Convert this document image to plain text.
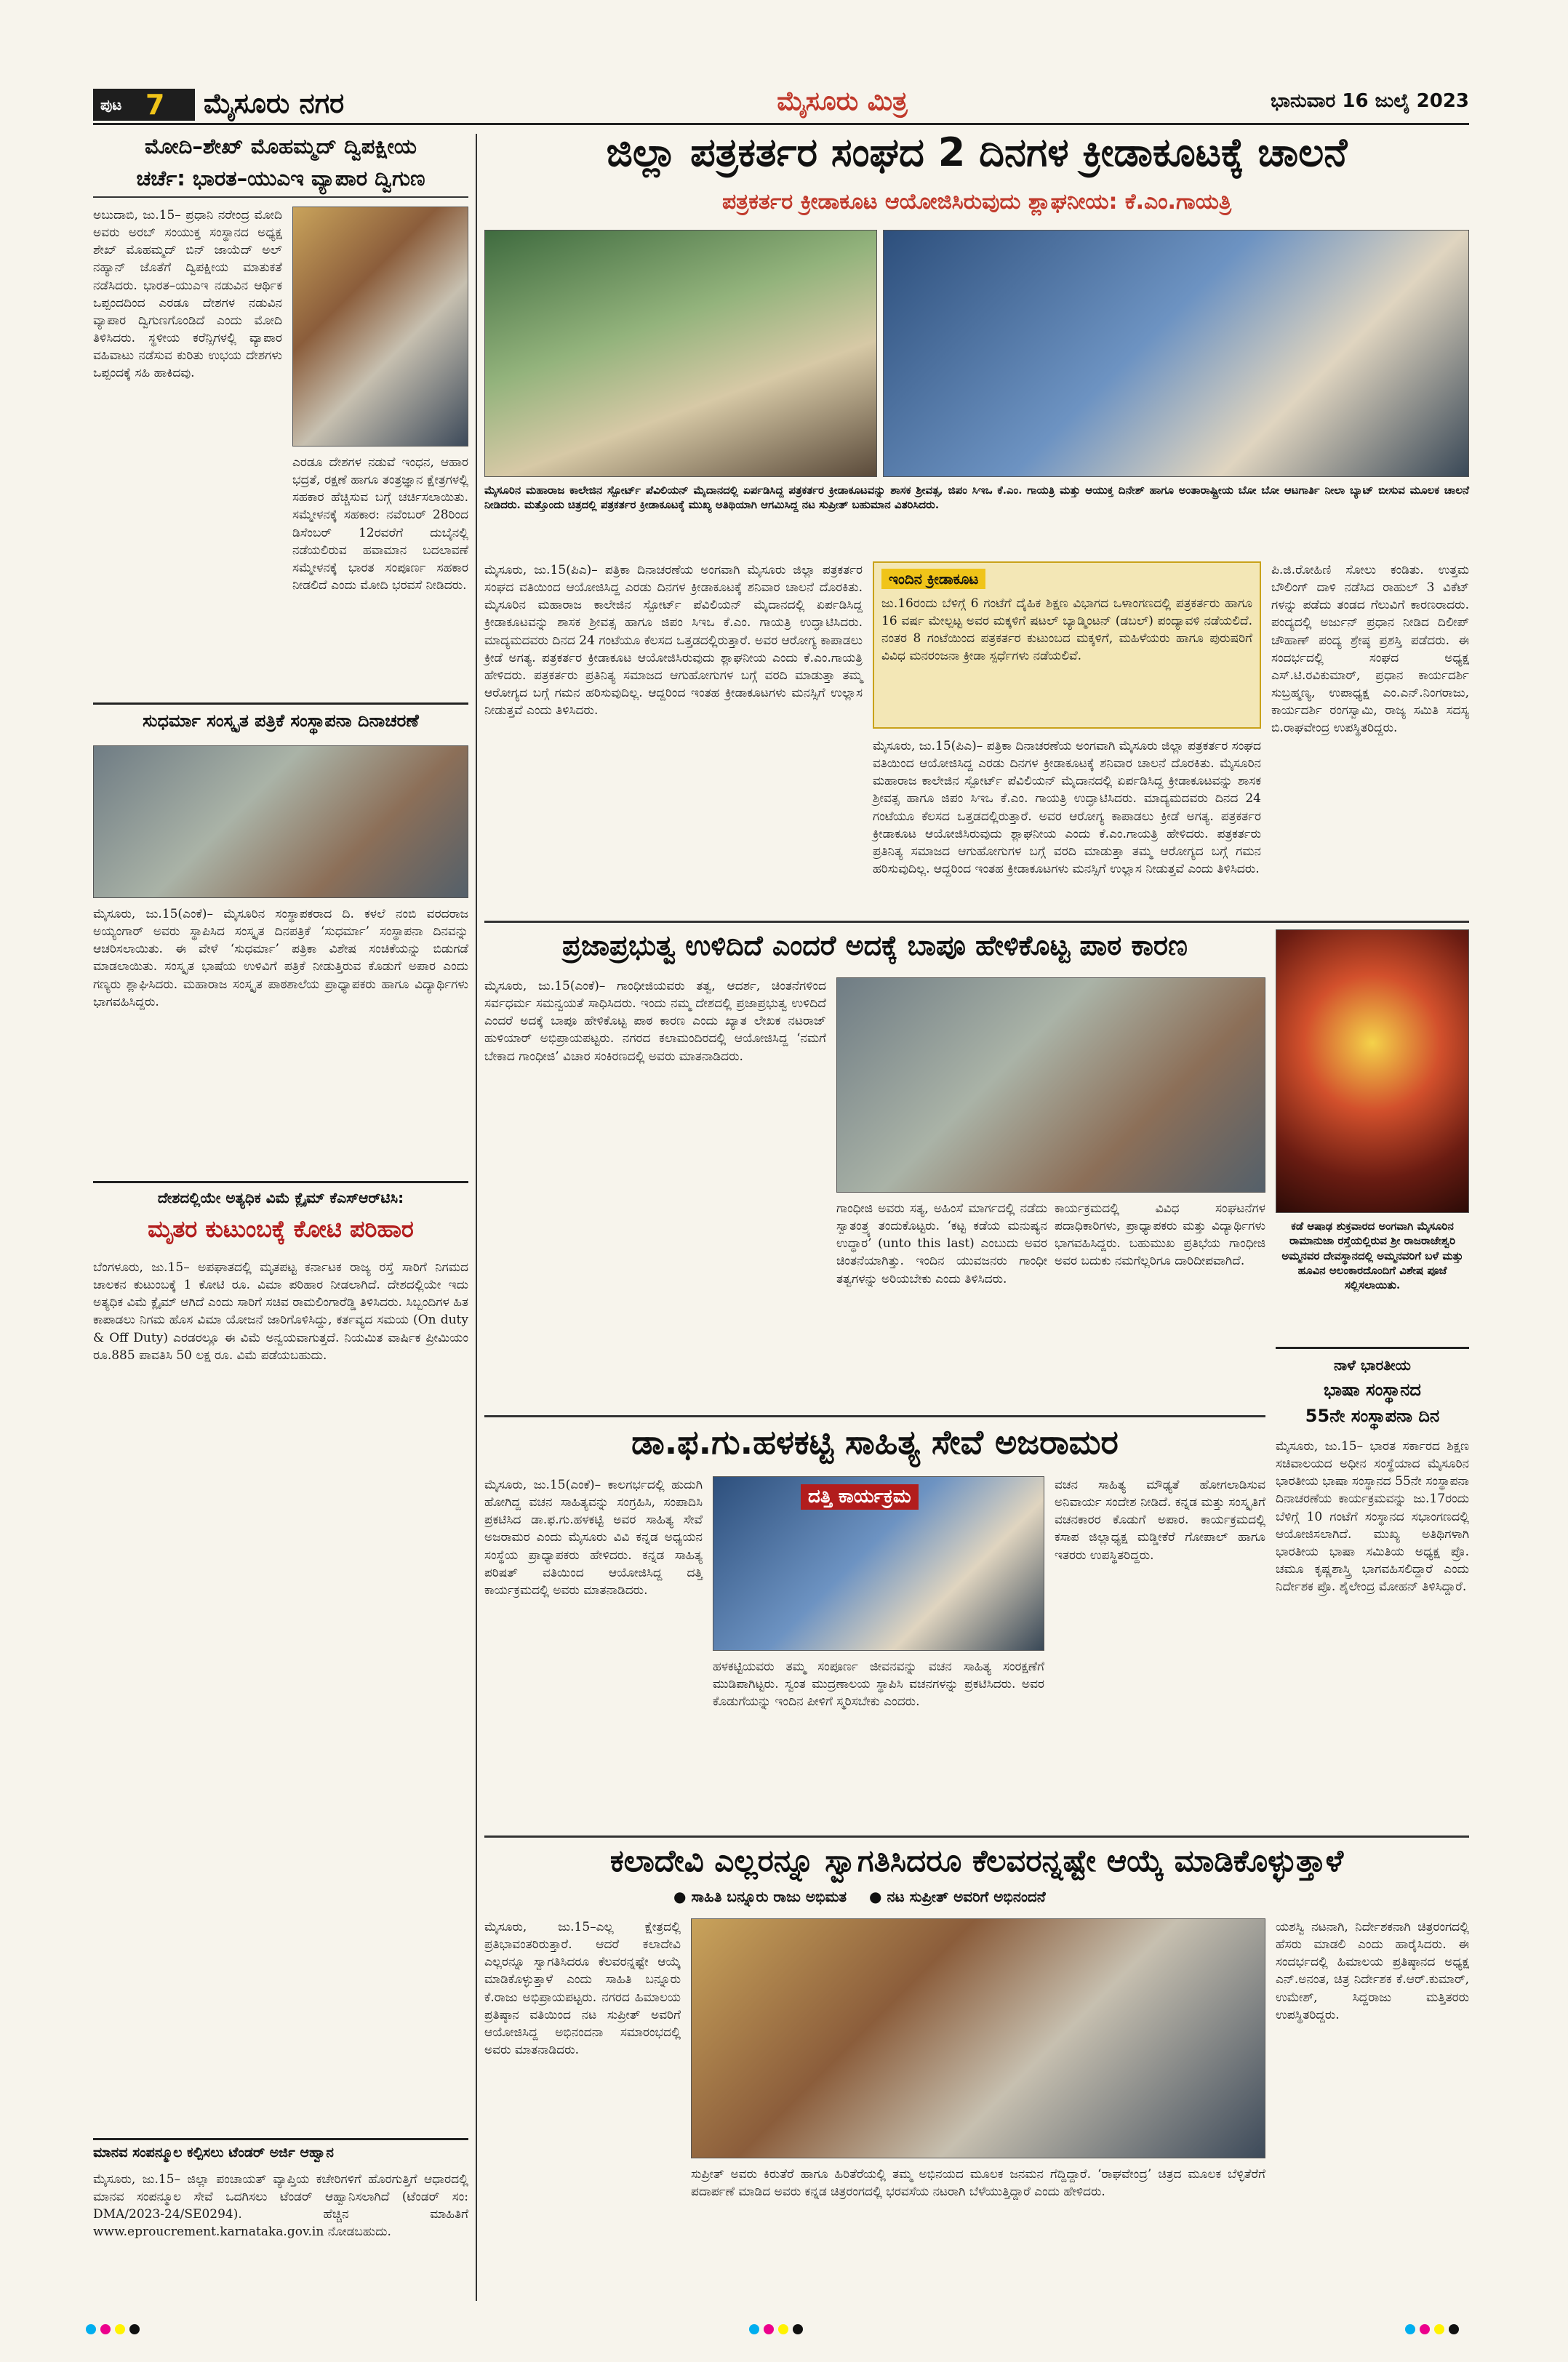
ಪುಟ 7 ಮೈಸೂರು ನಗರ	ಮೈಸೂರು ಮಿತ್ರ	ಭಾನುವಾರ 16 ಜುಲೈ 2023
ಮೋದಿ–ಶೇಖ್ ಮೊಹಮ್ಮದ್ ದ್ವಿಪಕ್ಷೀಯ
ಚರ್ಚೆ: ಭಾರತ–ಯುಎಇ ವ್ಯಾಪಾರ ದ್ವಿಗುಣ
ಅಬುದಾಬಿ, ಜು.15– ಪ್ರಧಾನಿ ನರೇಂದ್ರ ಮೋದಿ ಅವರು ಅರಬ್ ಸಂಯುಕ್ತ ಸಂಸ್ಥಾನದ ಅಧ್ಯಕ್ಷ ಶೇಖ್ ಮೊಹಮ್ಮದ್ ಬಿನ್ ಜಾಯೆದ್ ಅಲ್ ನಹ್ಯಾನ್ ಜೊತೆಗೆ ದ್ವಿಪಕ್ಷೀಯ ಮಾತುಕತೆ ನಡೆಸಿದರು. ಭಾರತ–ಯುಎಇ ನಡುವಿನ ಆರ್ಥಿಕ ಒಪ್ಪಂದದಿಂದ ಎರಡೂ ದೇಶಗಳ ನಡುವಿನ ವ್ಯಾಪಾರ ದ್ವಿಗುಣಗೊಂಡಿದೆ ಎಂದು ಮೋದಿ ತಿಳಿಸಿದರು. ಸ್ಥಳೀಯ ಕರೆನ್ಸಿಗಳಲ್ಲಿ ವ್ಯಾಪಾರ ವಹಿವಾಟು ನಡೆಸುವ ಕುರಿತು ಉಭಯ ದೇಶಗಳು ಒಪ್ಪಂದಕ್ಕೆ ಸಹಿ ಹಾಕಿದವು.
ಎರಡೂ ದೇಶಗಳ ನಡುವೆ ಇಂಧನ, ಆಹಾರ ಭದ್ರತೆ, ರಕ್ಷಣೆ ಹಾಗೂ ತಂತ್ರಜ್ಞಾನ ಕ್ಷೇತ್ರಗಳಲ್ಲಿ ಸಹಕಾರ ಹೆಚ್ಚಿಸುವ ಬಗ್ಗೆ ಚರ್ಚಿಸಲಾಯಿತು. ಸಮ್ಮೇಳನಕ್ಕೆ ಸಹಕಾರ: ನವೆಂಬರ್ 28ರಿಂದ ಡಿಸೆಂಬರ್ 12ರವರೆಗೆ ದುಬೈನಲ್ಲಿ ನಡೆಯಲಿರುವ ಹವಾಮಾನ ಬದಲಾವಣೆ ಸಮ್ಮೇಳನಕ್ಕೆ ಭಾರತ ಸಂಪೂರ್ಣ ಸಹಕಾರ ನೀಡಲಿದೆ ಎಂದು ಮೋದಿ ಭರವಸೆ ನೀಡಿದರು.
ಸುಧರ್ಮಾ ಸಂಸ್ಕೃತ ಪತ್ರಿಕೆ ಸಂಸ್ಥಾಪನಾ ದಿನಾಚರಣೆ
ಮೈಸೂರು, ಜು.15(ಎಂಕೆ)– ಮೈಸೂರಿನ ಸಂಸ್ಥಾಪಕರಾದ ದಿ. ಕಳಲೆ ನಂಬಿ ವರದರಾಜ ಅಯ್ಯಂಗಾರ್ ಅವರು ಸ್ಥಾಪಿಸಿದ ಸಂಸ್ಕೃತ ದಿನಪತ್ರಿಕೆ ‘ಸುಧರ್ಮಾ’ ಸಂಸ್ಥಾಪನಾ ದಿನವನ್ನು ಆಚರಿಸಲಾಯಿತು. ಈ ವೇಳೆ ‘ಸುಧರ್ಮಾ’ ಪತ್ರಿಕಾ ವಿಶೇಷ ಸಂಚಿಕೆಯನ್ನು ಬಿಡುಗಡೆ ಮಾಡಲಾಯಿತು. ಸಂಸ್ಕೃತ ಭಾಷೆಯ ಉಳಿವಿಗೆ ಪತ್ರಿಕೆ ನೀಡುತ್ತಿರುವ ಕೊಡುಗೆ ಅಪಾರ ಎಂದು ಗಣ್ಯರು ಶ್ಲಾಘಿಸಿದರು. ಮಹಾರಾಜ ಸಂಸ್ಕೃತ ಪಾಠಶಾಲೆಯ ಪ್ರಾಧ್ಯಾಪಕರು ಹಾಗೂ ವಿದ್ಯಾರ್ಥಿಗಳು ಭಾಗವಹಿಸಿದ್ದರು.
ದೇಶದಲ್ಲಿಯೇ ಅತ್ಯಧಿಕ ವಿಮೆ ಕ್ಲೈಮ್ ಕೆಎಸ್‌ಆರ್‌ಟಿಸಿ:
ಮೃತರ ಕುಟುಂಬಕ್ಕೆ ಕೋಟಿ ಪರಿಹಾರ
ಬೆಂಗಳೂರು, ಜು.15– ಅಪಘಾತದಲ್ಲಿ ಮೃತಪಟ್ಟ ಕರ್ನಾಟಕ ರಾಜ್ಯ ರಸ್ತೆ ಸಾರಿಗೆ ನಿಗಮದ ಚಾಲಕನ ಕುಟುಂಬಕ್ಕೆ 1 ಕೋಟಿ ರೂ. ವಿಮಾ ಪರಿಹಾರ ನೀಡಲಾಗಿದೆ. ದೇಶದಲ್ಲಿಯೇ ಇದು ಅತ್ಯಧಿಕ ವಿಮೆ ಕ್ಲೈಮ್ ಆಗಿದೆ ಎಂದು ಸಾರಿಗೆ ಸಚಿವ ರಾಮಲಿಂಗಾರೆಡ್ಡಿ ತಿಳಿಸಿದರು. ಸಿಬ್ಬಂದಿಗಳ ಹಿತ ಕಾಪಾಡಲು ನಿಗಮ ಹೊಸ ವಿಮಾ ಯೋಜನೆ ಜಾರಿಗೊಳಿಸಿದ್ದು, ಕರ್ತವ್ಯದ ಸಮಯ (On duty & Off Duty) ಎರಡರಲ್ಲೂ ಈ ವಿಮೆ ಅನ್ವಯವಾಗುತ್ತದೆ. ನಿಯಮಿತ ವಾರ್ಷಿಕ ಪ್ರೀಮಿಯಂ ರೂ.885 ಪಾವತಿಸಿ 50 ಲಕ್ಷ ರೂ. ವಿಮೆ ಪಡೆಯಬಹುದು.
ಮಾನವ ಸಂಪನ್ಮೂಲ ಕಲ್ಪಿಸಲು ಟೆಂಡರ್ ಅರ್ಜಿ ಆಹ್ವಾನ
ಮೈಸೂರು, ಜು.15– ಜಿಲ್ಲಾ ಪಂಚಾಯತ್ ವ್ಯಾಪ್ತಿಯ ಕಚೇರಿಗಳಿಗೆ ಹೊರಗುತ್ತಿಗೆ ಆಧಾರದಲ್ಲಿ ಮಾನವ ಸಂಪನ್ಮೂಲ ಸೇವೆ ಒದಗಿಸಲು ಟೆಂಡರ್ ಆಹ್ವಾನಿಸಲಾಗಿದೆ (ಟೆಂಡರ್ ಸಂ: DMA/2023-24/SE0294). ಹೆಚ್ಚಿನ ಮಾಹಿತಿಗೆ www.eproucrement.karnataka.gov.in ನೋಡಬಹುದು.
ಜಿಲ್ಲಾ ಪತ್ರಕರ್ತರ ಸಂಘದ 2 ದಿನಗಳ ಕ್ರೀಡಾಕೂಟಕ್ಕೆ ಚಾಲನೆ
ಪತ್ರಕರ್ತರ ಕ್ರೀಡಾಕೂಟ ಆಯೋಜಿಸಿರುವುದು ಶ್ಲಾಘನೀಯ: ಕೆ.ಎಂ.ಗಾಯತ್ರಿ
ಮೈಸೂರಿನ ಮಹಾರಾಜ ಕಾಲೇಜಿನ ಸ್ಪೋರ್ಟ್ ಪೆವಿಲಿಯನ್ ಮೈದಾನದಲ್ಲಿ ಏರ್ಪಡಿಸಿದ್ದ ಪತ್ರಕರ್ತರ ಕ್ರೀಡಾಕೂಟವನ್ನು ಶಾಸಕ ಶ್ರೀವತ್ಸ, ಜಿಪಂ ಸಿಇಒ ಕೆ.ಎಂ. ಗಾಯತ್ರಿ ಮತ್ತು ಆಯುಕ್ತ ದಿನೇಶ್ ಹಾಗೂ ಅಂತಾರಾಷ್ಟ್ರೀಯ ಬೋ ಬೋ ಆಟಗಾರ್ತಿ ನೀಲಾ ಬ್ಯಾಟ್ ಬೀಸುವ ಮೂಲಕ ಚಾಲನೆ ನೀಡಿದರು. ಮತ್ತೊಂದು ಚಿತ್ರದಲ್ಲಿ ಪತ್ರಕರ್ತರ ಕ್ರೀಡಾಕೂಟಕ್ಕೆ ಮುಖ್ಯ ಅತಿಥಿಯಾಗಿ ಆಗಮಿಸಿದ್ದ ನಟ ಸುಪ್ರೀತ್ ಬಹುಮಾನ ವಿತರಿಸಿದರು.
ಮೈಸೂರು, ಜು.15(ಪಿಎ)– ಪತ್ರಿಕಾ ದಿನಾಚರಣೆಯ ಅಂಗವಾಗಿ ಮೈಸೂರು ಜಿಲ್ಲಾ ಪತ್ರಕರ್ತರ ಸಂಘದ ವತಿಯಿಂದ ಆಯೋಜಿಸಿದ್ದ ಎರಡು ದಿನಗಳ ಕ್ರೀಡಾಕೂಟಕ್ಕೆ ಶನಿವಾರ ಚಾಲನೆ ದೊರಕಿತು. ಮೈಸೂರಿನ ಮಹಾರಾಜ ಕಾಲೇಜಿನ ಸ್ಪೋರ್ಟ್ ಪೆವಿಲಿಯನ್ ಮೈದಾನದಲ್ಲಿ ಏರ್ಪಡಿಸಿದ್ದ ಕ್ರೀಡಾಕೂಟವನ್ನು ಶಾಸಕ ಶ್ರೀವತ್ಸ ಹಾಗೂ ಜಿಪಂ ಸಿಇಒ ಕೆ.ಎಂ. ಗಾಯತ್ರಿ ಉದ್ಘಾಟಿಸಿದರು. ಮಾದ್ಯಮದವರು ದಿನದ 24 ಗಂಟೆಯೂ ಕೆಲಸದ ಒತ್ತಡದಲ್ಲಿರುತ್ತಾರೆ. ಅವರ ಆರೋಗ್ಯ ಕಾಪಾಡಲು ಕ್ರೀಡೆ ಅಗತ್ಯ. ಪತ್ರಕರ್ತರ ಕ್ರೀಡಾಕೂಟ ಆಯೋಜಿಸಿರುವುದು ಶ್ಲಾಘನೀಯ ಎಂದು ಕೆ.ಎಂ.ಗಾಯತ್ರಿ ಹೇಳಿದರು. ಪತ್ರಕರ್ತರು ಪ್ರತಿನಿತ್ಯ ಸಮಾಜದ ಆಗುಹೋಗುಗಳ ಬಗ್ಗೆ ವರದಿ ಮಾಡುತ್ತಾ ತಮ್ಮ ಆರೋಗ್ಯದ ಬಗ್ಗೆ ಗಮನ ಹರಿಸುವುದಿಲ್ಲ. ಆದ್ದರಿಂದ ಇಂತಹ ಕ್ರೀಡಾಕೂಟಗಳು ಮನಸ್ಸಿಗೆ ಉಲ್ಲಾಸ ನೀಡುತ್ತವೆ ಎಂದು ತಿಳಿಸಿದರು.
ಇಂದಿನ ಕ್ರೀಡಾಕೂಟ
ಜು.16ರಂದು ಬೆಳಿಗ್ಗೆ 6 ಗಂಟೆಗೆ ದೈಹಿಕ ಶಿಕ್ಷಣ ವಿಭಾಗದ ಒಳಾಂಗಣದಲ್ಲಿ ಪತ್ರಕರ್ತರು ಹಾಗೂ 16 ವರ್ಷ ಮೇಲ್ಪಟ್ಟ ಅವರ ಮಕ್ಕಳಿಗೆ ಷಟಲ್ ಬ್ಯಾಡ್ಮಿಂಟನ್ (ಡಬಲ್) ಪಂದ್ಯಾವಳಿ ನಡೆಯಲಿದೆ. ನಂತರ 8 ಗಂಟೆಯಿಂದ ಪತ್ರಕರ್ತರ ಕುಟುಂಬದ ಮಕ್ಕಳಿಗೆ, ಮಹಿಳೆಯರು ಹಾಗೂ ಪುರುಷರಿಗೆ ವಿವಿಧ ಮನರಂಜನಾ ಕ್ರೀಡಾ ಸ್ಪರ್ಧೆಗಳು ನಡೆಯಲಿವೆ.
ಮೈಸೂರು, ಜು.15(ಪಿಎ)– ಪತ್ರಿಕಾ ದಿನಾಚರಣೆಯ ಅಂಗವಾಗಿ ಮೈಸೂರು ಜಿಲ್ಲಾ ಪತ್ರಕರ್ತರ ಸಂಘದ ವತಿಯಿಂದ ಆಯೋಜಿಸಿದ್ದ ಎರಡು ದಿನಗಳ ಕ್ರೀಡಾಕೂಟಕ್ಕೆ ಶನಿವಾರ ಚಾಲನೆ ದೊರಕಿತು. ಮೈಸೂರಿನ ಮಹಾರಾಜ ಕಾಲೇಜಿನ ಸ್ಪೋರ್ಟ್ ಪೆವಿಲಿಯನ್ ಮೈದಾನದಲ್ಲಿ ಏರ್ಪಡಿಸಿದ್ದ ಕ್ರೀಡಾಕೂಟವನ್ನು ಶಾಸಕ ಶ್ರೀವತ್ಸ ಹಾಗೂ ಜಿಪಂ ಸಿಇಒ ಕೆ.ಎಂ. ಗಾಯತ್ರಿ ಉದ್ಘಾಟಿಸಿದರು. ಮಾದ್ಯಮದವರು ದಿನದ 24 ಗಂಟೆಯೂ ಕೆಲಸದ ಒತ್ತಡದಲ್ಲಿರುತ್ತಾರೆ. ಅವರ ಆರೋಗ್ಯ ಕಾಪಾಡಲು ಕ್ರೀಡೆ ಅಗತ್ಯ. ಪತ್ರಕರ್ತರ ಕ್ರೀಡಾಕೂಟ ಆಯೋಜಿಸಿರುವುದು ಶ್ಲಾಘನೀಯ ಎಂದು ಕೆ.ಎಂ.ಗಾಯತ್ರಿ ಹೇಳಿದರು. ಪತ್ರಕರ್ತರು ಪ್ರತಿನಿತ್ಯ ಸಮಾಜದ ಆಗುಹೋಗುಗಳ ಬಗ್ಗೆ ವರದಿ ಮಾಡುತ್ತಾ ತಮ್ಮ ಆರೋಗ್ಯದ ಬಗ್ಗೆ ಗಮನ ಹರಿಸುವುದಿಲ್ಲ. ಆದ್ದರಿಂದ ಇಂತಹ ಕ್ರೀಡಾಕೂಟಗಳು ಮನಸ್ಸಿಗೆ ಉಲ್ಲಾಸ ನೀಡುತ್ತವೆ ಎಂದು ತಿಳಿಸಿದರು.
ಪಿ.ಜಿ.ರೋಹಿಣಿ ಸೋಲು ಕಂಡಿತು. ಉತ್ತಮ ಬೌಲಿಂಗ್ ದಾಳಿ ನಡೆಸಿದ ರಾಹುಲ್ 3 ವಿಕೆಟ್ ಗಳನ್ನು ಪಡೆದು ತಂಡದ ಗೆಲುವಿಗೆ ಕಾರಣರಾದರು. ಪಂದ್ಯದಲ್ಲಿ ಅರ್ಜುನ್ ಪ್ರಧಾನ ನೀಡಿದ ದಿಲೀಪ್ ಚೌಹಾಣ್ ಪಂದ್ಯ ಶ್ರೇಷ್ಠ ಪ್ರಶಸ್ತಿ ಪಡೆದರು. ಈ ಸಂದರ್ಭದಲ್ಲಿ ಸಂಘದ ಅಧ್ಯಕ್ಷ ಎಸ್.ಟಿ.ರವಿಕುಮಾರ್, ಪ್ರಧಾನ ಕಾರ್ಯದರ್ಶಿ ಸುಬ್ರಹ್ಮಣ್ಯ, ಉಪಾಧ್ಯಕ್ಷ ಎಂ.ಎನ್.ನಿಂಗರಾಜು, ಕಾರ್ಯದರ್ಶಿ ರಂಗಸ್ವಾಮಿ, ರಾಜ್ಯ ಸಮಿತಿ ಸದಸ್ಯ ಬಿ.ರಾಘವೇಂದ್ರ ಉಪಸ್ಥಿತರಿದ್ದರು.
ಪ್ರಜಾಪ್ರಭುತ್ವ ಉಳಿದಿದೆ ಎಂದರೆ ಅದಕ್ಕೆ ಬಾಪೂ ಹೇಳಿಕೊಟ್ಟ ಪಾಠ ಕಾರಣ
ಮೈಸೂರು, ಜು.15(ಎಂಕೆ)– ಗಾಂಧೀಜಿಯವರು ತತ್ವ, ಆದರ್ಶ, ಚಿಂತನೆಗಳಿಂದ ಸರ್ವಧರ್ಮ ಸಮನ್ವಯತೆ ಸಾಧಿಸಿದರು. ಇಂದು ನಮ್ಮ ದೇಶದಲ್ಲಿ ಪ್ರಜಾಪ್ರಭುತ್ವ ಉಳಿದಿದೆ ಎಂದರೆ ಅದಕ್ಕೆ ಬಾಪೂ ಹೇಳಿಕೊಟ್ಟ ಪಾಠ ಕಾರಣ ಎಂದು ಖ್ಯಾತ ಲೇಖಕ ನಟರಾಜ್ ಹುಳಿಯಾರ್ ಅಭಿಪ್ರಾಯಪಟ್ಟರು. ನಗರದ ಕಲಾಮಂದಿರದಲ್ಲಿ ಆಯೋಜಿಸಿದ್ದ ‘ನಮಗೆ ಬೇಕಾದ ಗಾಂಧೀಜಿ’ ವಿಚಾರ ಸಂಕಿರಣದಲ್ಲಿ ಅವರು ಮಾತನಾಡಿದರು.
ಗಾಂಧೀಜಿ ಅವರು ಸತ್ಯ, ಅಹಿಂಸೆ ಮಾರ್ಗದಲ್ಲಿ ನಡೆದು ಸ್ವಾತಂತ್ರ್ಯ ತಂದುಕೊಟ್ಟರು. ‘ಕಟ್ಟ ಕಡೆಯ ಮನುಷ್ಯನ ಉದ್ಧಾರ’ (unto this last) ಎಂಬುದು ಅವರ ಚಿಂತನೆಯಾಗಿತ್ತು. ಇಂದಿನ ಯುವಜನರು ಗಾಂಧೀ ತತ್ವಗಳನ್ನು ಅರಿಯಬೇಕು ಎಂದು ತಿಳಿಸಿದರು.
ಕಾರ್ಯಕ್ರಮದಲ್ಲಿ ವಿವಿಧ ಸಂಘಟನೆಗಳ ಪದಾಧಿಕಾರಿಗಳು, ಪ್ರಾಧ್ಯಾಪಕರು ಮತ್ತು ವಿದ್ಯಾರ್ಥಿಗಳು ಭಾಗವಹಿಸಿದ್ದರು. ಬಹುಮುಖ ಪ್ರತಿಭೆಯ ಗಾಂಧೀಜಿ ಅವರ ಬದುಕು ನಮಗೆಲ್ಲರಿಗೂ ದಾರಿದೀಪವಾಗಿದೆ.
ಕಡೆ ಆಷಾಢ ಶುಕ್ರವಾರದ ಅಂಗವಾಗಿ ಮೈಸೂರಿನ ರಾಮಾನುಜಾ ರಸ್ತೆಯಲ್ಲಿರುವ ಶ್ರೀ ರಾಜರಾಜೇಶ್ವರಿ ಅಮ್ಮನವರ ದೇವಸ್ಥಾನದಲ್ಲಿ ಅಮ್ಮನವರಿಗೆ ಬಳೆ ಮತ್ತು ಹೂವಿನ ಅಲಂಕಾರದೊಂದಿಗೆ ವಿಶೇಷ ಪೂಜೆ ಸಲ್ಲಿಸಲಾಯಿತು.
ನಾಳೆ ಭಾರತೀಯ
ಭಾಷಾ ಸಂಸ್ಥಾನದ
55ನೇ ಸಂಸ್ಥಾಪನಾ ದಿನ
ಮೈಸೂರು, ಜು.15– ಭಾರತ ಸರ್ಕಾರದ ಶಿಕ್ಷಣ ಸಚಿವಾಲಯದ ಅಧೀನ ಸಂಸ್ಥೆಯಾದ ಮೈಸೂರಿನ ಭಾರತೀಯ ಭಾಷಾ ಸಂಸ್ಥಾನದ 55ನೇ ಸಂಸ್ಥಾಪನಾ ದಿನಾಚರಣೆಯ ಕಾರ್ಯಕ್ರಮವನ್ನು ಜು.17ರಂದು ಬೆಳಿಗ್ಗೆ 10 ಗಂಟೆಗೆ ಸಂಸ್ಥಾನದ ಸಭಾಂಗಣದಲ್ಲಿ ಆಯೋಜಿಸಲಾಗಿದೆ. ಮುಖ್ಯ ಅತಿಥಿಗಳಾಗಿ ಭಾರತೀಯ ಭಾಷಾ ಸಮಿತಿಯ ಅಧ್ಯಕ್ಷ ಪ್ರೊ. ಚಮೂ ಕೃಷ್ಣಶಾಸ್ತ್ರಿ ಭಾಗವಹಿಸಲಿದ್ದಾರೆ ಎಂದು ನಿರ್ದೇಶಕ ಪ್ರೊ. ಶೈಲೇಂದ್ರ ಮೋಹನ್ ತಿಳಿಸಿದ್ದಾರೆ.
ಡಾ.ಫ.ಗು.ಹಳಕಟ್ಟಿ ಸಾಹಿತ್ಯ ಸೇವೆ ಅಜರಾಮರ
ಮೈಸೂರು, ಜು.15(ಎಂಕೆ)– ಕಾಲಗರ್ಭದಲ್ಲಿ ಹುದುಗಿ ಹೋಗಿದ್ದ ವಚನ ಸಾಹಿತ್ಯವನ್ನು ಸಂಗ್ರಹಿಸಿ, ಸಂಪಾದಿಸಿ ಪ್ರಕಟಿಸಿದ ಡಾ.ಫ.ಗು.ಹಳಕಟ್ಟಿ ಅವರ ಸಾಹಿತ್ಯ ಸೇವೆ ಅಜರಾಮರ ಎಂದು ಮೈಸೂರು ವಿವಿ ಕನ್ನಡ ಅಧ್ಯಯನ ಸಂಸ್ಥೆಯ ಪ್ರಾಧ್ಯಾಪಕರು ಹೇಳಿದರು. ಕನ್ನಡ ಸಾಹಿತ್ಯ ಪರಿಷತ್ ವತಿಯಿಂದ ಆಯೋಜಿಸಿದ್ದ ದತ್ತಿ ಕಾರ್ಯಕ್ರಮದಲ್ಲಿ ಅವರು ಮಾತನಾಡಿದರು.
ದತ್ತಿ ಕಾರ್ಯಕ್ರಮ
ಹಳಕಟ್ಟಿಯವರು ತಮ್ಮ ಸಂಪೂರ್ಣ ಜೀವನವನ್ನು ವಚನ ಸಾಹಿತ್ಯ ಸಂರಕ್ಷಣೆಗೆ ಮುಡಿಪಾಗಿಟ್ಟರು. ಸ್ವಂತ ಮುದ್ರಣಾಲಯ ಸ್ಥಾಪಿಸಿ ವಚನಗಳನ್ನು ಪ್ರಕಟಿಸಿದರು. ಅವರ ಕೊಡುಗೆಯನ್ನು ಇಂದಿನ ಪೀಳಿಗೆ ಸ್ಮರಿಸಬೇಕು ಎಂದರು.
ವಚನ ಸಾಹಿತ್ಯ ಮೌಢ್ಯತೆ ಹೋಗಲಾಡಿಸುವ ಅನಿವಾರ್ಯ ಸಂದೇಶ ನೀಡಿದೆ. ಕನ್ನಡ ಮತ್ತು ಸಂಸ್ಕೃತಿಗೆ ವಚನಕಾರರ ಕೊಡುಗೆ ಅಪಾರ. ಕಾರ್ಯಕ್ರಮದಲ್ಲಿ ಕಸಾಪ ಜಿಲ್ಲಾಧ್ಯಕ್ಷ ಮಡ್ಡೀಕೆರೆ ಗೋಪಾಲ್ ಹಾಗೂ ಇತರರು ಉಪಸ್ಥಿತರಿದ್ದರು.
ಕಲಾದೇವಿ ಎಲ್ಲರನ್ನೂ ಸ್ವಾಗತಿಸಿದರೂ ಕೆಲವರನ್ನಷ್ಟೇ ಆಯ್ಕೆ ಮಾಡಿಕೊಳ್ಳುತ್ತಾಳೆ
● ಸಾಹಿತಿ ಬನ್ನೂರು ರಾಜು ಅಭಿಮತ ● ನಟ ಸುಪ್ರೀತ್ ಅವರಿಗೆ ಅಭಿನಂದನೆ
ಮೈಸೂರು, ಜು.15–ಎಲ್ಲ ಕ್ಷೇತ್ರದಲ್ಲಿ ಪ್ರತಿಭಾವಂತರಿರುತ್ತಾರೆ. ಆದರೆ ಕಲಾದೇವಿ ಎಲ್ಲರನ್ನೂ ಸ್ವಾಗತಿಸಿದರೂ ಕೆಲವರನ್ನಷ್ಟೇ ಆಯ್ಕೆ ಮಾಡಿಕೊಳ್ಳುತ್ತಾಳೆ ಎಂದು ಸಾಹಿತಿ ಬನ್ನೂರು ಕೆ.ರಾಜು ಅಭಿಪ್ರಾಯಪಟ್ಟರು. ನಗರದ ಹಿಮಾಲಯ ಪ್ರತಿಷ್ಠಾನ ವತಿಯಿಂದ ನಟ ಸುಪ್ರೀತ್ ಅವರಿಗೆ ಆಯೋಜಿಸಿದ್ದ ಅಭಿನಂದನಾ ಸಮಾರಂಭದಲ್ಲಿ ಅವರು ಮಾತನಾಡಿದರು.
ಸುಪ್ರೀತ್ ಅವರು ಕಿರುತೆರೆ ಹಾಗೂ ಹಿರಿತೆರೆಯಲ್ಲಿ ತಮ್ಮ ಅಭಿನಯದ ಮೂಲಕ ಜನಮನ ಗೆದ್ದಿದ್ದಾರೆ. ‘ರಾಘವೇಂದ್ರ’ ಚಿತ್ರದ ಮೂಲಕ ಬೆಳ್ಳಿತೆರೆಗೆ ಪದಾರ್ಪಣೆ ಮಾಡಿದ ಅವರು ಕನ್ನಡ ಚಿತ್ರರಂಗದಲ್ಲಿ ಭರವಸೆಯ ನಟರಾಗಿ ಬೆಳೆಯುತ್ತಿದ್ದಾರೆ ಎಂದು ಹೇಳಿದರು.
ಯಶಸ್ವಿ ನಟನಾಗಿ, ನಿರ್ದೇಶಕನಾಗಿ ಚಿತ್ರರಂಗದಲ್ಲಿ ಹೆಸರು ಮಾಡಲಿ ಎಂದು ಹಾರೈಸಿದರು. ಈ ಸಂದರ್ಭದಲ್ಲಿ ಹಿಮಾಲಯ ಪ್ರತಿಷ್ಠಾನದ ಅಧ್ಯಕ್ಷ ಎನ್.ಅನಂತ, ಚಿತ್ರ ನಿರ್ದೇಶಕ ಕೆ.ಆರ್.ಕುಮಾರ್, ಉಮೇಶ್, ಸಿದ್ದರಾಜು ಮತ್ತಿತರರು ಉಪಸ್ಥಿತರಿದ್ದರು.
